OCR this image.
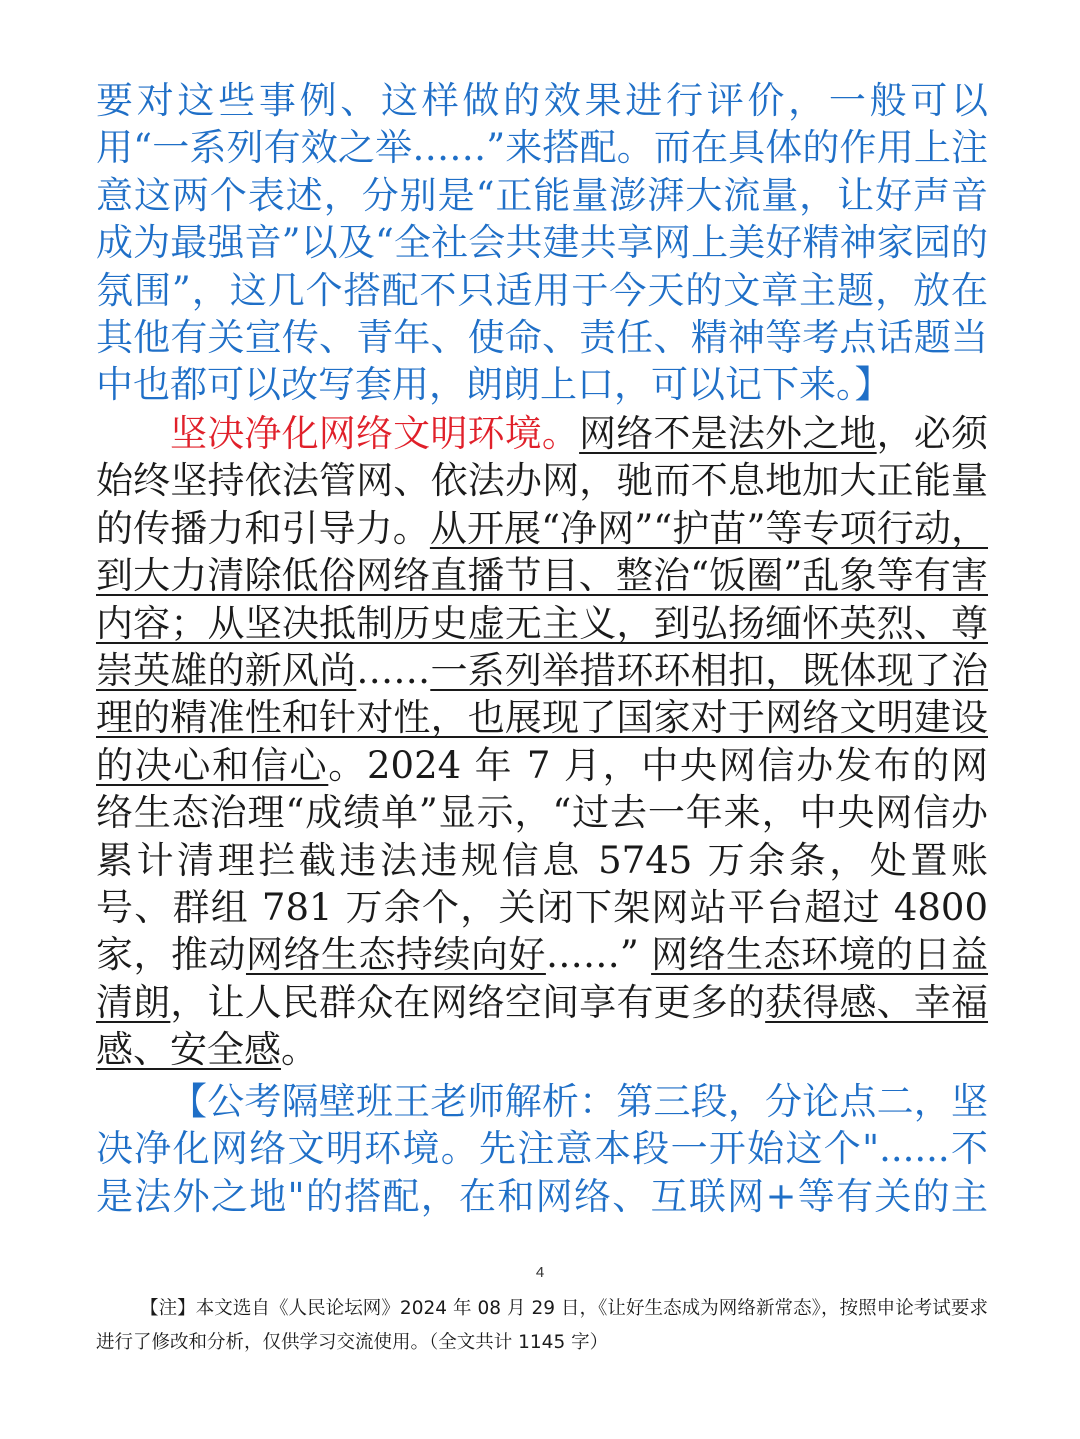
要对这些事例、这样做的效果进行评价，一般可以用“一系列有效之举……”来搭配。而在具体的作用上注意这两个表述，分别是“正能量澎湃大流量，让好声音成为最强音”以及“全社会共建共享网上美好精神家园的氛围”，这几个搭配不只适用于今天的文章主题，放在其他有关宣传、青年、使命、责任、精神等考点话题当中也都可以改写套用，朗朗上口，可以记下来。】

坚决净化网络文明环境。网络不是法外之地，必须始终坚持依法管网、依法办网，驰而不息地加大正能量的传播力和引导力。从开展“净网”“护苗”等专项行动，到大力清除低俗网络直播节目、整治“饭圈”乱象等有害内容；从坚决抵制历史虚无主义，到弘扬缅怀英烈、尊崇英雄的新风尚……一系列举措环环相扣，既体现了治理的精准性和针对性，也展现了国家对于网络文明建设的决心和信心。2024 年 7 月，中央网信办发布的网络生态治理“成绩单”显示，“过去一年来，中央网信办累计清理拦截违法违规信息 5745 万余条，处置账号、群组 781 万余个，关闭下架网站平台超过 4800 家，推动网络生态持续向好……” 网络生态环境的日益清朗，让人民群众在网络空间享有更多的获得感、幸福感、安全感。

【公考隔壁班王老师解析：第三段，分论点二，坚决净化网络文明环境。先注意本段一开始这个"......不是法外之地"的搭配，在和网络、互联网+等有关的主

4
【注】本文选自《人民论坛网》2024 年 08 月 29 日，《让好生态成为网络新常态》，按照申论考试要求进行了修改和分析，仅供学习交流使用。（全文共计 1145 字）
